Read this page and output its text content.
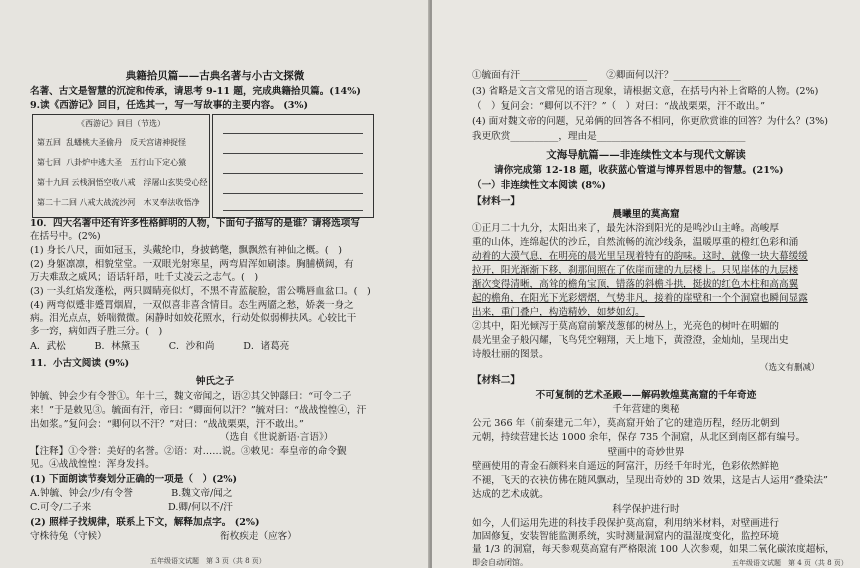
典籍拾贝篇——古典名著与小古文探微
名著、古文是智慧的沉淀和传承，请思考 9-11 题，完成典籍拾贝篇。(14%)
9.读《西游记》回目，任选其一，写一写故事的主要内容。 (3%)
《西游记》回目（节选）
第五回 乱蟠桃大圣偷丹　反天宫诸神捉怪
第七回 八卦炉中逃大圣　五行山下定心猿
第十九回 云栈洞悟空收八戒　浮屠山玄奘受心经
第二十二回 八戒大战流沙河　木叉奉法收悟净
10．四大名著中还有许多性格鲜明的人物，下面句子描写的是谁？请将选项写
在括号中。(2%)
(1) 身长八尺，面如冠玉，头戴纶巾，身披鹤氅，飘飘然有神仙之概。(　)
(2) 身躯凛凛，相貌堂堂。一双眼光射寒星，两弯眉浑如刷漆。胸脯横阔，有
万夫难敌之威风；语话轩昂，吐千丈凌云之志气。(　)
(3) 一头红焰发蓬松，两只圆睛亮似灯，不黑不青蓝靛脸，雷公嘴唇血盆口。(　)
(4) 两弯似蹙非蹙罥烟眉，一双似喜非喜含情目。态生两靥之愁，娇袭一身之
病。泪光点点，娇喘微微。闲静时如姣花照水，行动处似弱柳扶风。心较比干
多一窍，病如西子胜三分。(　)
A．武松　　　B．林黛玉　　　C．沙和尚　　　D．诸葛亮
11．小古文阅读 (9%)
钟氏之子
钟毓、钟会少有令誉①。年十三，魏文帝闻之，语②其父钟繇曰：“可令二子
来！”于是敕见③。毓面有汗，帝曰：“卿面何以汗？”毓对曰：“战战惶惶④，汗
出如浆。”复问会：“卿何以不汗？”对曰：“战战栗栗，汗不敢出。”
（选自《世说新语·言语》）
【注释】①令誉：美好的名誉。②语：对……说。③敕见：奉皇帝的命令觐
见。④战战惶惶：浑身发抖。
(1) 下面朗读节奏划分正确的一项是（　）(2%)
A.钟毓、钟会/少/有令誉　　　　B.魏文帝/闻之
C.可令/二子来　　　　　　　　D.卿/何以不/汗
(2) 照样子找规律，联系上下文，解释加点字。 (2%)
守株待兔（守候）　　　　　　　　　　　　 衔枚疾走（应客）
五年级语文试题　第 3 页（共 8 页）
①毓面有汗______________　　②卿面何以汗？______________
(3) 省略是文言文常见的语言现象，请根据文意，在括号内补上省略的人物。(2%)
（　）复问会：“卿何以不汗？”（　）对曰：“战战栗栗，汗不敢出。”
(4) 面对魏文帝的问题，兄弟俩的回答各不相同，你更欣赏谁的回答？为什么？(3%)
我更欣赏__________，理由是_______________________________
文海导航篇——非连续性文本与现代文解读
请你完成第 12-18 题，收获蓝心管道与博界哲思中的智慧。(21%)
（一）非连续性文本阅读 (8%)
【材料一】
晨曦里的莫高窟
①正月二十九分，太阳出来了，最先沐浴到阳光的是鸣沙山主峰。高峻厚
重的山体，连绵起伏的沙丘，自然流畅的流沙线条，温暖厚重的橙红色彩和涌
动着的大漠气息，在明亮的晨光里呈现着特有的韵味。这时，就像一块大幕缓缓
拉开，阳光渐渐下移，刹那间照在了依崖而建的九层楼上。只见崖体的九层楼
渐次变得清晰，高耸的檐角宝顶，错落的斜檐斗拱，挺拔的红色木柱和高高翼
起的檐角，在阳光下光彩熠熠，气势非凡，接着的崖壁和一个个洞窟也瞬间显露
出来，重门叠户，构造精妙，如梦如幻。
②其中，阳光倾泻于莫高窟前繁茂葱郁的树丛上，光亮色的树叶在明媚的
晨光里金子般闪耀，飞鸟凭空翱翔，天上地下，黄澄澄，金灿灿，呈现出史
诗般壮丽的图景。
（选文有删减）
【材料二】
不可复制的艺术圣殿——解码敦煌莫高窟的千年奇迹
千年营建的奥秘
公元 366 年（前秦建元二年），莫高窟开始了它的建造历程，经历北朝到
元朝，持续营建长达 1000 余年，保存 735 个洞窟，从北区到南区都有编号。
壁画中的奇妙世界
壁画使用的青金石颜料来自遥远的阿富汗，历经千年时光，色彩依然鲜艳
不褪，飞天的衣袂仿佛在随风飘动，呈现出奇妙的 3D 效果，这是古人运用“叠染法”
达成的艺术成就。
科学保护进行时
如今，人们运用先进的科技手段保护莫高窟，利用纳米材料，对壁画进行
加固修复，安装智能监测系统，实时测量洞窟内的温湿度变化，监控环境
量 1/3 的洞窟，每天参观莫高窟有严格限流 100 人次参观，如果二氧化碳浓度超标，
即会自动闭馆。	五年级语文试题　第 4 页（共 8 页）
